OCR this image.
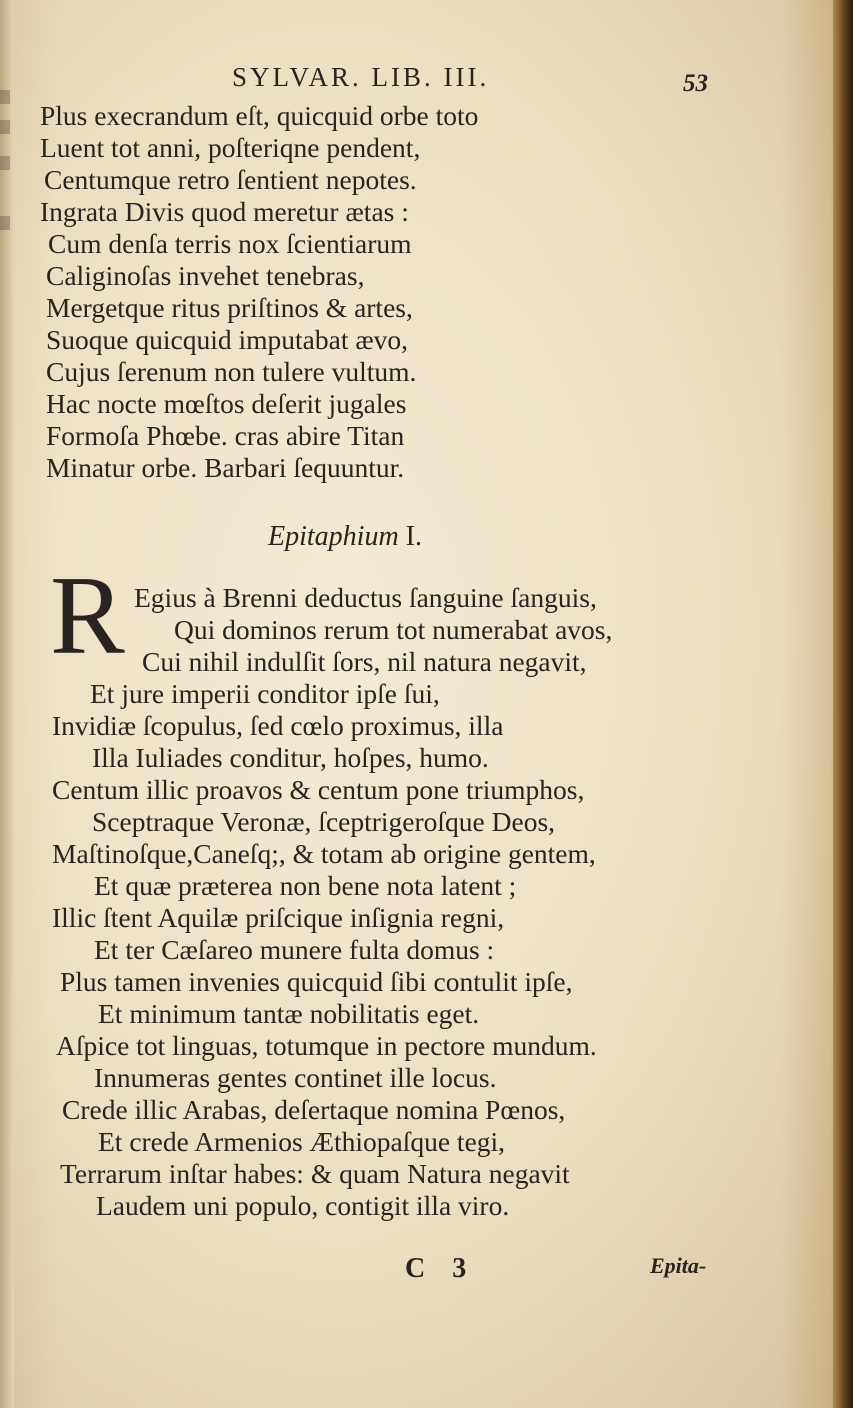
SYLVAR. LIB. III.	53
Plus execrandum eſt, quicquid orbe toto
Luent tot anni, poſteriqne pendent,
Centumque retro ſentient nepotes.
Ingrata Divis quod meretur ætas :
Cum denſa terris nox ſcientiarum
Caliginoſas invehet tenebras,
Mergetque ritus priſtinos & artes,
Suoque quicquid imputabat ævo,
Cujus ſerenum non tulere vultum.
Hac nocte mœſtos deſerit jugales
Formoſa Phœbe. cras abire Titan
Minatur orbe. Barbari ſequuntur.
Epitaphium I.
R Egius à Brenni deductus ſanguine ſanguis,
Qui dominos rerum tot numerabat avos,
Cui nihil indulſit ſors, nil natura negavit,
Et jure imperii conditor ipſe ſui,
Invidiæ ſcopulus, ſed cœlo proximus, illa
Illa Iuliades conditur, hoſpes, humo.
Centum illic proavos & centum pone triumphos,
Sceptraque Veronæ, ſceptrigeroſque Deos,
Maſtinoſque,Caneſq;, & totam ab origine gentem,
Et quæ præterea non bene nota latent ;
Illic ſtent Aquilæ priſcique inſignia regni,
Et ter Cæſareo munere fulta domus :
Plus tamen invenies quicquid ſibi contulit ipſe,
Et minimum tantæ nobilitatis eget.
Aſpice tot linguas, totumque in pectore mundum.
Innumeras gentes continet ille locus.
Crede illic Arabas, deſertaque nomina Pœnos,
Et crede Armenios Æthiopaſque tegi,
Terrarum inſtar habes: & quam Natura negavit
Laudem uni populo, contigit illa viro.
C 3	Epita-
